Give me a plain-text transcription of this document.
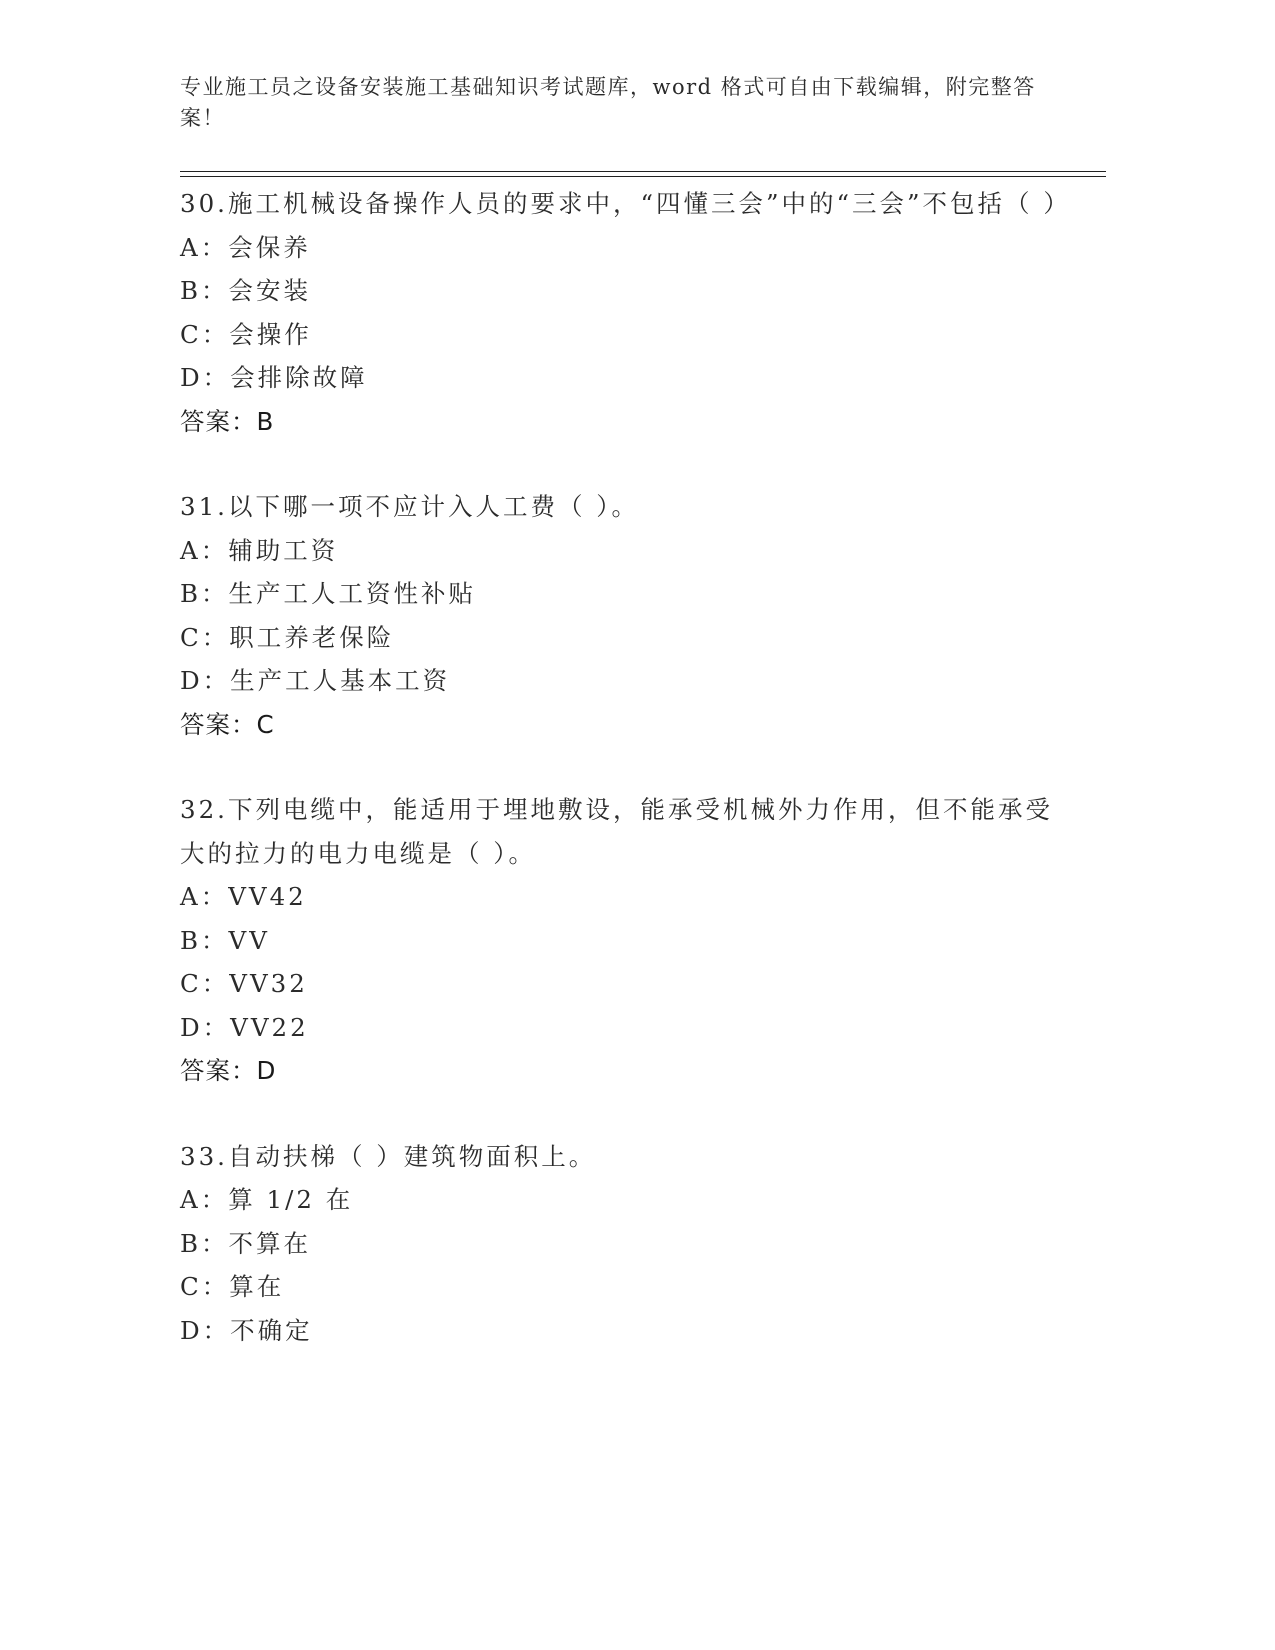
专业施工员之设备安装施工基础知识考试题库，word 格式可自由下载编辑，附完整答案！
30.施工机械设备操作人员的要求中，“四懂三会”中的“三会”不包括（ ）
A：会保养
B：会安装
C：会操作
D：会排除故障
答案：B
31.以下哪一项不应计入人工费（ ）。
A：辅助工资
B：生产工人工资性补贴
C：职工养老保险
D：生产工人基本工资
答案：C
32.下列电缆中，能适用于埋地敷设，能承受机械外力作用，但不能承受大的拉力的电力电缆是（ ）。
A：VV42
B：VV
C：VV32
D：VV22
答案：D
33.自动扶梯（ ）建筑物面积上。
A：算 1/2 在
B：不算在
C：算在
D：不确定
